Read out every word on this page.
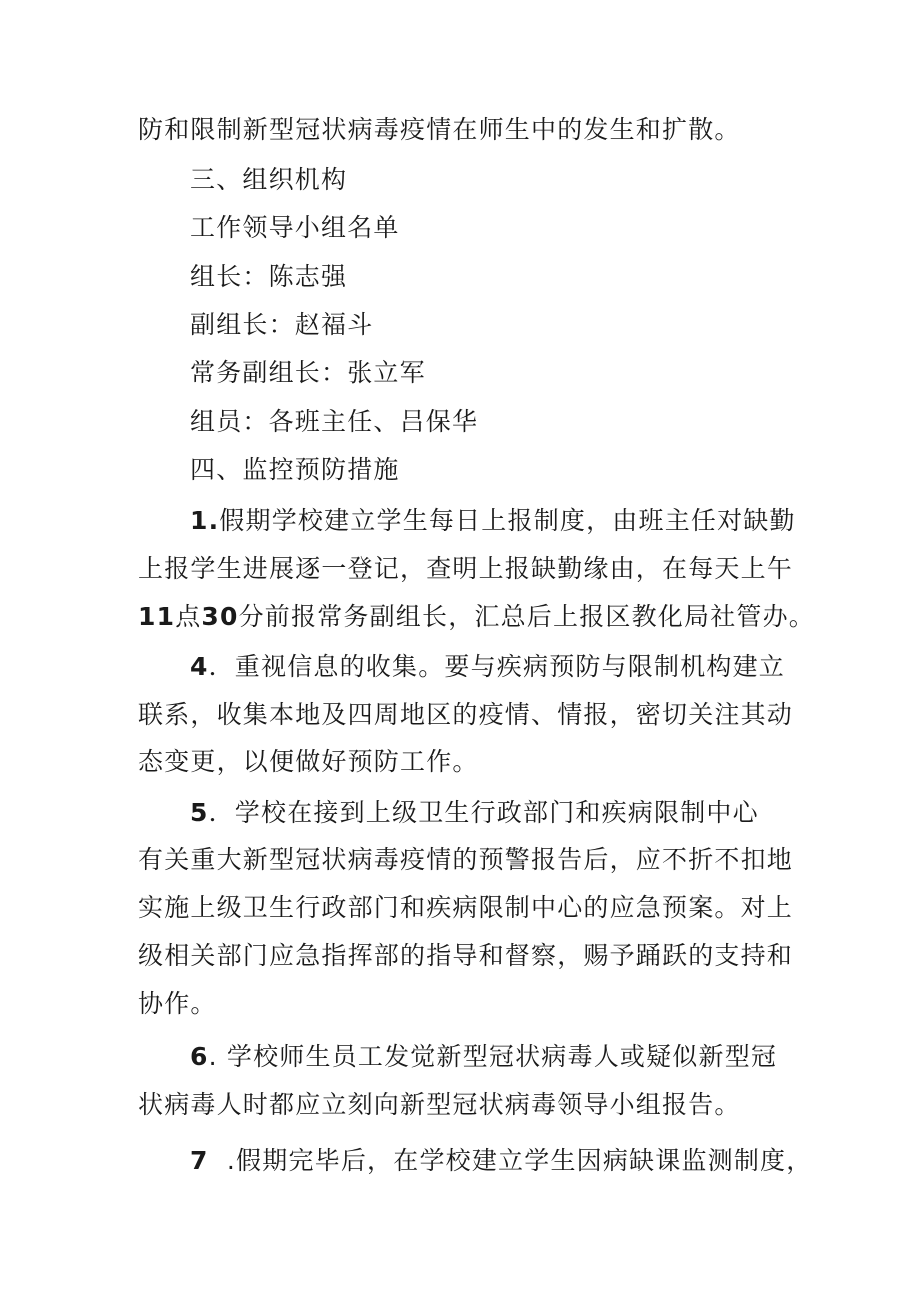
防和限制新型冠状病毒疫情在师生中的发生和扩散。
三、组织机构
工作领导小组名单
组长：陈志强
副组长：赵福斗
常务副组长：张立军
组员：各班主任、吕保华
四、监控预防措施
1.假期学校建立学生每日上报制度，由班主任对缺勤
上报学生进展逐一登记，查明上报缺勤缘由，在每天上午
11点30分前报常务副组长，汇总后上报区教化局社管办。
4．重视信息的收集。要与疾病预防与限制机构建立
联系，收集本地及四周地区的疫情、情报，密切关注其动
态变更，以便做好预防工作。
5．学校在接到上级卫生行政部门和疾病限制中心
有关重大新型冠状病毒疫情的预警报告后，应不折不扣地
实施上级卫生行政部门和疾病限制中心的应急预案。对上
级相关部门应急指挥部的指导和督察，赐予踊跃的支持和
协作。
6. 学校师生员工发觉新型冠状病毒人或疑似新型冠
状病毒人时都应立刻向新型冠状病毒领导小组报告。
7  .假期完毕后，在学校建立学生因病缺课监测制度，
